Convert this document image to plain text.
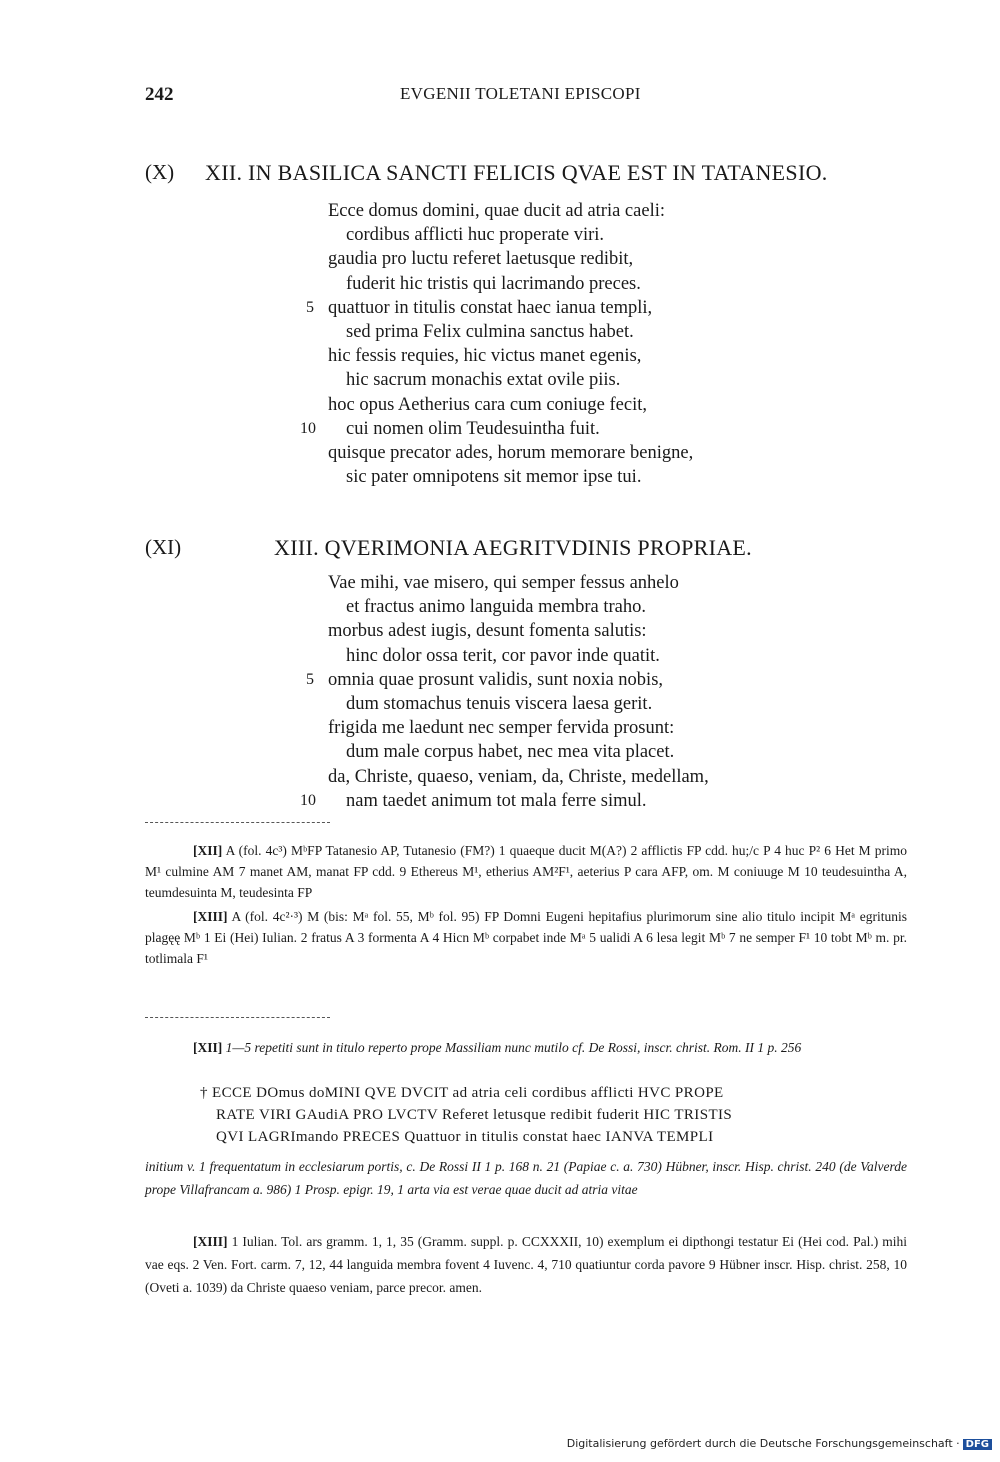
242	EVGENII TOLETANI EPISCOPI
(X) XII. IN BASILICA SANCTI FELICIS QVAE EST IN TATANESIO.
Ecce domus domini, quae ducit ad atria caeli:
cordibus afflicti huc properate viri.
gaudia pro luctu referet laetusque redibit,
fuderit hic tristis qui lacrimando preces.
5 quattuor in titulis constat haec ianua templi,
sed prima Felix culmina sanctus habet.
hic fessis requies, hic victus manet egenis,
hic sacrum monachis extat ovile piis.
hoc opus Aetherius cara cum coniuge fecit,
10 cui nomen olim Teudesuintha fuit.
quisque precator ades, horum memorare benigne,
sic pater omnipotens sit memor ipse tui.
(XI)	XIII. QVERIMONIA AEGRITVDINIS PROPRIAE.
Vae mihi, vae misero, qui semper fessus anhelo
et fractus animo languida membra traho.
morbus adest iugis, desunt fomenta salutis:
hinc dolor ossa terit, cor pavor inde quatit.
5 omnia quae prosunt validis, sunt noxia nobis,
dum stomachus tenuis viscera laesa gerit.
frigida me laedunt nec semper fervida prosunt:
dum male corpus habet, nec mea vita placet.
da, Christe, quaeso, veniam, da, Christe, medellam,
10 nam taedet animum tot mala ferre simul.

[XII] A (fol. 4c³) MᵇFP Tatanesio AP, Tutanesio (FM?) 1 quaeque ducit M(A?) 2 afflictis FP cdd. hu;/c P 4 huc P² 6 Het M primo M¹ culmine AM 7 manet AM, manat FP cdd. 9 Ethereus M¹, etherius AM²F¹, aeterius P cara AFP, om. M coniuuge M 10 teudesuintha A, teumdesuinta M, teudesinta FP

[XIII] A (fol. 4c²·³) M (bis: Mᵃ fol. 55, Mᵇ fol. 95) FP Domni Eugeni hepitafius plurimorum sine alio titulo incipit Mᵃ egritunis plagęę Mᵇ 1 Ei (Hei) Iulian. 2 fratus A 3 formenta A 4 Hicn Mᵇ corpabet inde Mᵃ 5 ualidi A 6 lesa legit Mᵇ 7 ne semper F¹ 10 tobt Mᵇ m. pr. totlimala F¹

[XII] 1—5 repetiti sunt in titulo reperto prope Massiliam nunc mutilo cf. De Rossi, inscr. christ. Rom. II 1 p. 256

† ECCE DOmus doMINI QVE DVCIT ad atria celi cordibus afflicti HVC PROPE
RATE VIRI GAudiA PRO LVCTV Referet letusque redibit fuderit HIC TRISTIS
QVI LAGRImando PRECES Quattuor in titulis constat haec IANVA TEMPLI

initium v. 1 frequentatum in ecclesiarum portis, c. De Rossi II 1 p. 168 n. 21 (Papiae c. a. 730) Hübner, inscr. Hisp. christ. 240 (de Valverde prope Villafrancam a. 986) 1 Prosp. epigr. 19, 1 arta via est verae quae ducit ad atria vitae

[XIII] 1 Iulian. Tol. ars gramm. 1, 1, 35 (Gramm. suppl. p. CCXXXII, 10) exemplum ei dipthongi testatur Ei (Hei cod. Pal.) mihi vae eqs. 2 Ven. Fort. carm. 7, 12, 44 languida membra fovent 4 Iuvenc. 4, 710 quatiuntur corda pavore 9 Hübner inscr. Hisp. christ. 258, 10 (Oveti a. 1039) da Christe quaeso veniam, parce precor. amen.

Digitalisierung gefördert durch die Deutsche Forschungsgemeinschaft · DFG
